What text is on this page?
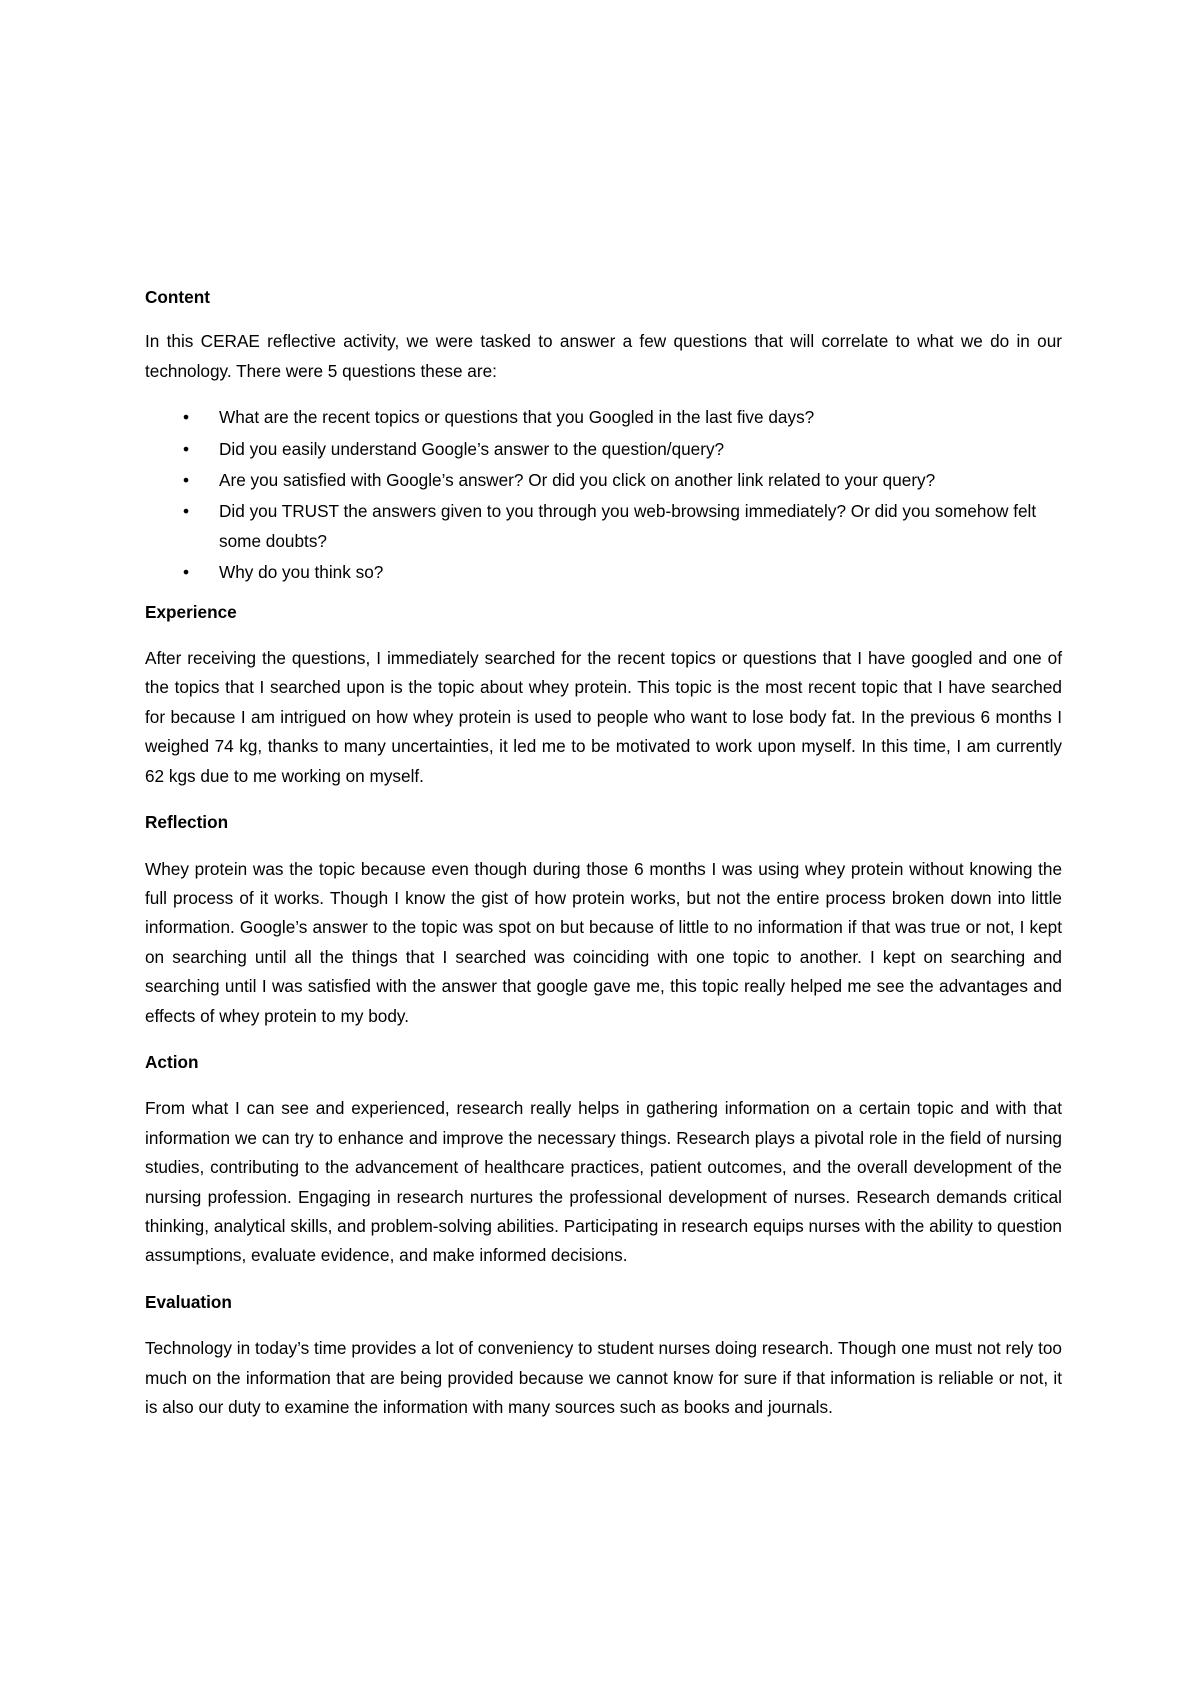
Content

In this CERAE reflective activity, we were tasked to answer a few questions that will correlate to what we do in our technology. There were 5 questions these are:

• What are the recent topics or questions that you Googled in the last five days?
• Did you easily understand Google’s answer to the question/query?
• Are you satisfied with Google’s answer? Or did you click on another link related to your query?
• Did you TRUST the answers given to you through you web-browsing immediately? Or did you somehow felt some doubts?
• Why do you think so?
Experience

After receiving the questions, I immediately searched for the recent topics or questions that I have googled and one of the topics that I searched upon is the topic about whey protein. This topic is the most recent topic that I have searched for because I am intrigued on how whey protein is used to people who want to lose body fat. In the previous 6 months I weighed 74 kg, thanks to many uncertainties, it led me to be motivated to work upon myself. In this time, I am currently 62 kgs due to me working on myself.

Reflection

Whey protein was the topic because even though during those 6 months I was using whey protein without knowing the full process of it works. Though I know the gist of how protein works, but not the entire process broken down into little information. Google’s answer to the topic was spot on but because of little to no information if that was true or not, I kept on searching until all the things that I searched was coinciding with one topic to another. I kept on searching and searching until I was satisfied with the answer that google gave me, this topic really helped me see the advantages and effects of whey protein to my body.

Action

From what I can see and experienced, research really helps in gathering information on a certain topic and with that information we can try to enhance and improve the necessary things. Research plays a pivotal role in the field of nursing studies, contributing to the advancement of healthcare practices, patient outcomes, and the overall development of the nursing profession. Engaging in research nurtures the professional development of nurses. Research demands critical thinking, analytical skills, and problem-solving abilities. Participating in research equips nurses with the ability to question assumptions, evaluate evidence, and make informed decisions.

Evaluation

Technology in today’s time provides a lot of conveniency to student nurses doing research. Though one must not rely too much on the information that are being provided because we cannot know for sure if that information is reliable or not, it is also our duty to examine the information with many sources such as books and journals.
